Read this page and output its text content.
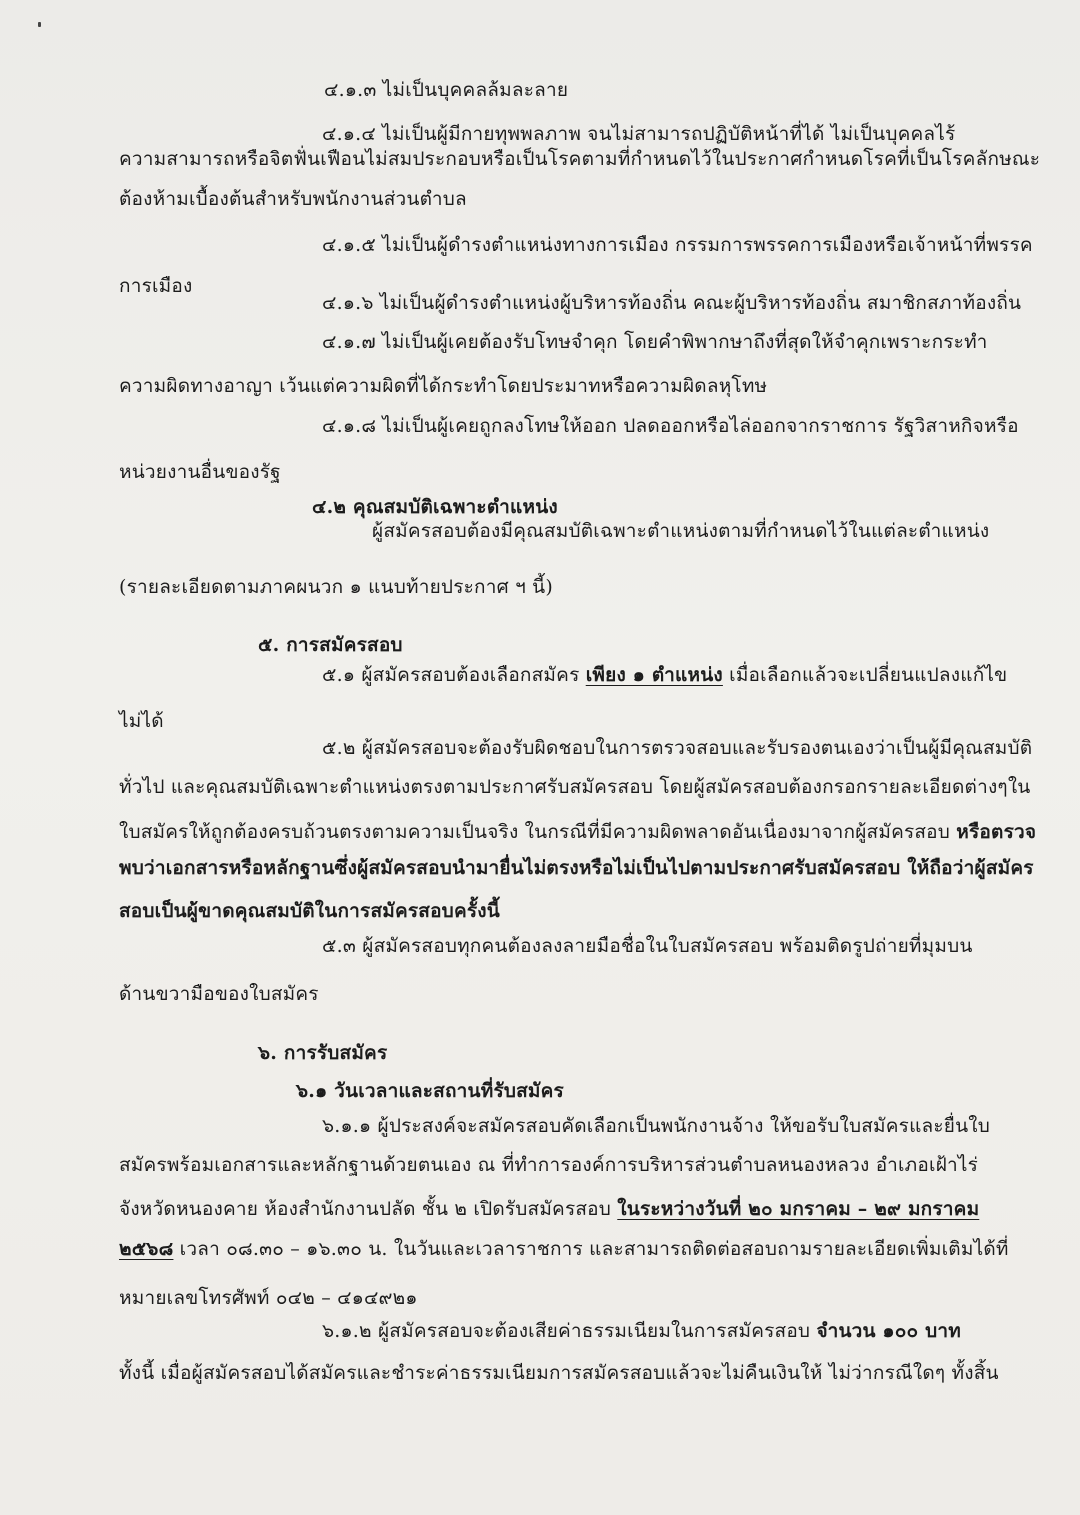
๔.๑.๓ ไม่เป็นบุคคลล้มละลาย
๔.๑.๔ ไม่เป็นผู้มีกายทุพพลภาพ จนไม่สามารถปฏิบัติหน้าที่ได้ ไม่เป็นบุคคลไร้
ความสามารถหรือจิตฟั่นเฟือนไม่สมประกอบหรือเป็นโรคตามที่กำหนดไว้ในประกาศกำหนดโรคที่เป็นโรคลักษณะ
ต้องห้ามเบื้องต้นสำหรับพนักงานส่วนตำบล
๔.๑.๕ ไม่เป็นผู้ดำรงตำแหน่งทางการเมือง กรรมการพรรคการเมืองหรือเจ้าหน้าที่พรรค
การเมือง
๔.๑.๖ ไม่เป็นผู้ดำรงตำแหน่งผู้บริหารท้องถิ่น คณะผู้บริหารท้องถิ่น สมาชิกสภาท้องถิ่น
๔.๑.๗ ไม่เป็นผู้เคยต้องรับโทษจำคุก โดยคำพิพากษาถึงที่สุดให้จำคุกเพราะกระทำ
ความผิดทางอาญา เว้นแต่ความผิดที่ได้กระทำโดยประมาทหรือความผิดลหุโทษ
๔.๑.๘ ไม่เป็นผู้เคยถูกลงโทษให้ออก ปลดออกหรือไล่ออกจากราชการ รัฐวิสาหกิจหรือ
หน่วยงานอื่นของรัฐ
๔.๒ คุณสมบัติเฉพาะตำแหน่ง
ผู้สมัครสอบต้องมีคุณสมบัติเฉพาะตำแหน่งตามที่กำหนดไว้ในแต่ละตำแหน่ง
(รายละเอียดตามภาคผนวก ๑ แนบท้ายประกาศ ฯ นี้)
๕. การสมัครสอบ
๕.๑ ผู้สมัครสอบต้องเลือกสมัคร เพียง ๑ ตำแหน่ง เมื่อเลือกแล้วจะเปลี่ยนแปลงแก้ไข
ไม่ได้
๕.๒ ผู้สมัครสอบจะต้องรับผิดชอบในการตรวจสอบและรับรองตนเองว่าเป็นผู้มีคุณสมบัติ
ทั่วไป และคุณสมบัติเฉพาะตำแหน่งตรงตามประกาศรับสมัครสอบ โดยผู้สมัครสอบต้องกรอกรายละเอียดต่างๆใน
ใบสมัครให้ถูกต้องครบถ้วนตรงตามความเป็นจริง ในกรณีที่มีความผิดพลาดอันเนื่องมาจากผู้สมัครสอบ หรือตรวจ
พบว่าเอกสารหรือหลักฐานซึ่งผู้สมัครสอบนำมายื่นไม่ตรงหรือไม่เป็นไปตามประกาศรับสมัครสอบ ให้ถือว่าผู้สมัคร
สอบเป็นผู้ขาดคุณสมบัติในการสมัครสอบครั้งนี้
๕.๓ ผู้สมัครสอบทุกคนต้องลงลายมือชื่อในใบสมัครสอบ พร้อมติดรูปถ่ายที่มุมบน
ด้านขวามือของใบสมัคร
๖. การรับสมัคร
๖.๑ วันเวลาและสถานที่รับสมัคร
๖.๑.๑ ผู้ประสงค์จะสมัครสอบคัดเลือกเป็นพนักงานจ้าง ให้ขอรับใบสมัครและยื่นใบ
สมัครพร้อมเอกสารและหลักฐานด้วยตนเอง ณ ที่ทำการองค์การบริหารส่วนตำบลหนองหลวง อำเภอเฝ้าไร่
จังหวัดหนองคาย ห้องสำนักงานปลัด ชั้น ๒ เปิดรับสมัครสอบ ในระหว่างวันที่ ๒๐ มกราคม – ๒๙ มกราคม
๒๕๖๘ เวลา ๐๘.๓๐ – ๑๖.๓๐ น. ในวันและเวลาราชการ และสามารถติดต่อสอบถามรายละเอียดเพิ่มเติมได้ที่
หมายเลขโทรศัพท์ ๐๔๒ – ๔๑๔๙๒๑
๖.๑.๒ ผู้สมัครสอบจะต้องเสียค่าธรรมเนียมในการสมัครสอบ จำนวน ๑๐๐ บาท
ทั้งนี้ เมื่อผู้สมัครสอบได้สมัครและชำระค่าธรรมเนียมการสมัครสอบแล้วจะไม่คืนเงินให้ ไม่ว่ากรณีใดๆ ทั้งสิ้น
